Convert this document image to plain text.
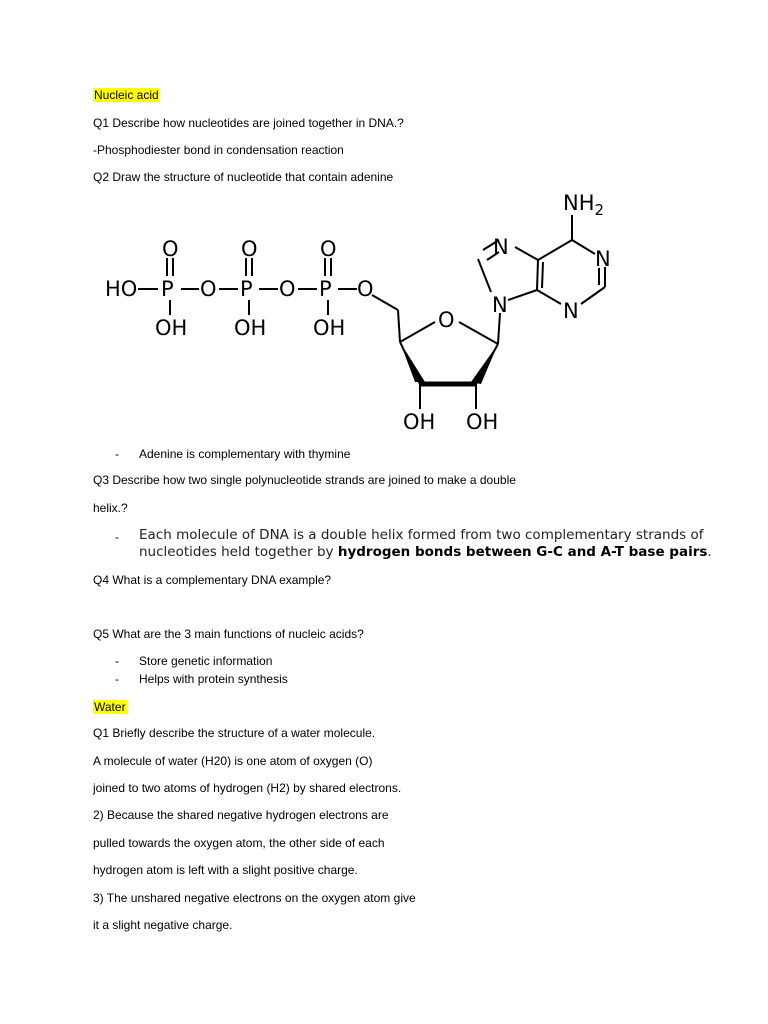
Nucleic acid
Q1 Describe how nucleotides are joined together in DNA.?
-Phosphodiester bond in condensation reaction
Q2 Draw the structure of nucleotide that contain adenine
HO P	P	P
O	O	O
O	O	O
OH OH OH	O
OH OH
N
N	N
N
$NH_2$
- Adenine is complementary with thymine
Q3 Describe how two single polynucleotide strands are joined to make a double
helix.?
- Each molecule of DNA is a double helix formed from two complementary strands of
nucleotides held together by hydrogen bonds between G-C and A-T base pairs.
Q4 What is a complementary DNA example?
Q5 What are the 3 main functions of nucleic acids?
- Store genetic information
- Helps with protein synthesis
Water
Q1 Briefly describe the structure of a water molecule.
A molecule of water (H20) is one atom of oxygen (O)
joined to two atoms of hydrogen (H2) by shared electrons.
2) Because the shared negative hydrogen electrons are
pulled towards the oxygen atom, the other side of each
hydrogen atom is left with a slight positive charge.
3) The unshared negative electrons on the oxygen atom give
it a slight negative charge.
